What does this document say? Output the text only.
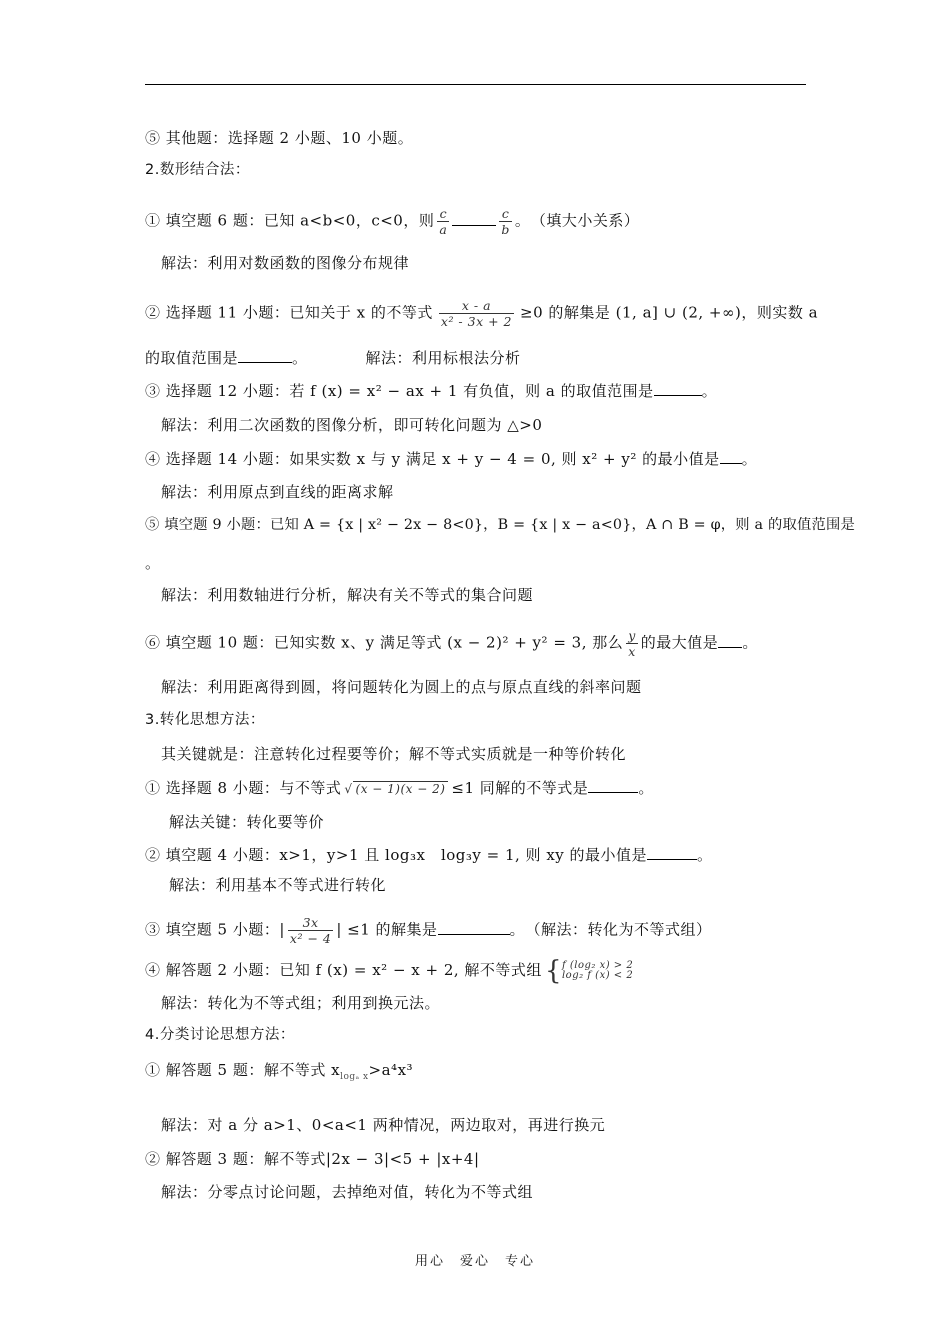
⑤ 其他题：选择题 2 小题、10 小题。
2.数形结合法：
① 填空题 6 题：已知 a<b<0，c<0，则 $\frac{c}{a}$	$\frac{c}{b}$ 。　（填大小关系）
解法：利用对数函数的图像分布规律
② 选择题 11 小题：已知关于 x 的不等式 $\frac{x - a}{\text{x² - 3x + 2}} \ge 0$ 的解集是 (1, a] ∪ (2, +∞)，则实数 a
的取值范围是	。	解法：利用标根法分析
③ 选择题 12 小题：若 f (x) = x² − ax + 1 有负值，则 a 的取值范围是	。
解法：利用二次函数的图像分析，即可转化问题为 △>0
④ 选择题 14 小题：如果实数 x 与 y 满足 x + y − 4 = 0, 则 x² + y² 的最小值是 。
解法：利用原点到直线的距离求解
⑤ 填空题 9 小题：已知 A = {x | x² − 2x − 8<0}，B = {x | x − a<0}，A ∩ B = φ，则 a 的取值范围是
。
解法：利用数轴进行分析，解决有关不等式的集合问题
⑥ 填空题 10 题：已知实数 x、y 满足等式 (x − 2)² + y² = 3, 那么 $\frac{y}{x}$ 的最大值是 。
解法：利用距离得到圆，将问题转化为圆上的点与原点直线的斜率问题
3.转化思想方法：
其关键就是：注意转化过程要等价；解不等式实质就是一种等价转化
① 选择题 8 小题：与不等式 √ (x − 1)(x − 2) ≤1 同解的不等式是	。
解法关键：转化要等价
② 填空题 4 小题：x>1，y>1 且 log₃x　log₃y = 1, 则 xy 的最小值是	。
解法：利用基本不等式进行转化
③ 填空题 5 小题：| $\frac{3x}{\text{x² − 4}}$ | ≤1 的解集是	。　（解法：转化为不等式组）
④ 解答题 2 小题：已知 f (x) = x² − x + 2, 解不等式组 { f (log₂ x) > 2
log₂ f (x) < 2
解法：转化为不等式组；利用到换元法。
4.分类讨论思想方法：
① 解答题 5 题：解不等式 $x_{log_a x}>a^4x^3$
解法：对 a 分 a>1、0<a<1 两种情况，两边取对，再进行换元
② 解答题 3 题：解不等式|2x − 3|<5 + |x+4|
解法：分零点讨论问题，去掉绝对值，转化为不等式组
用心　爱心　专心
